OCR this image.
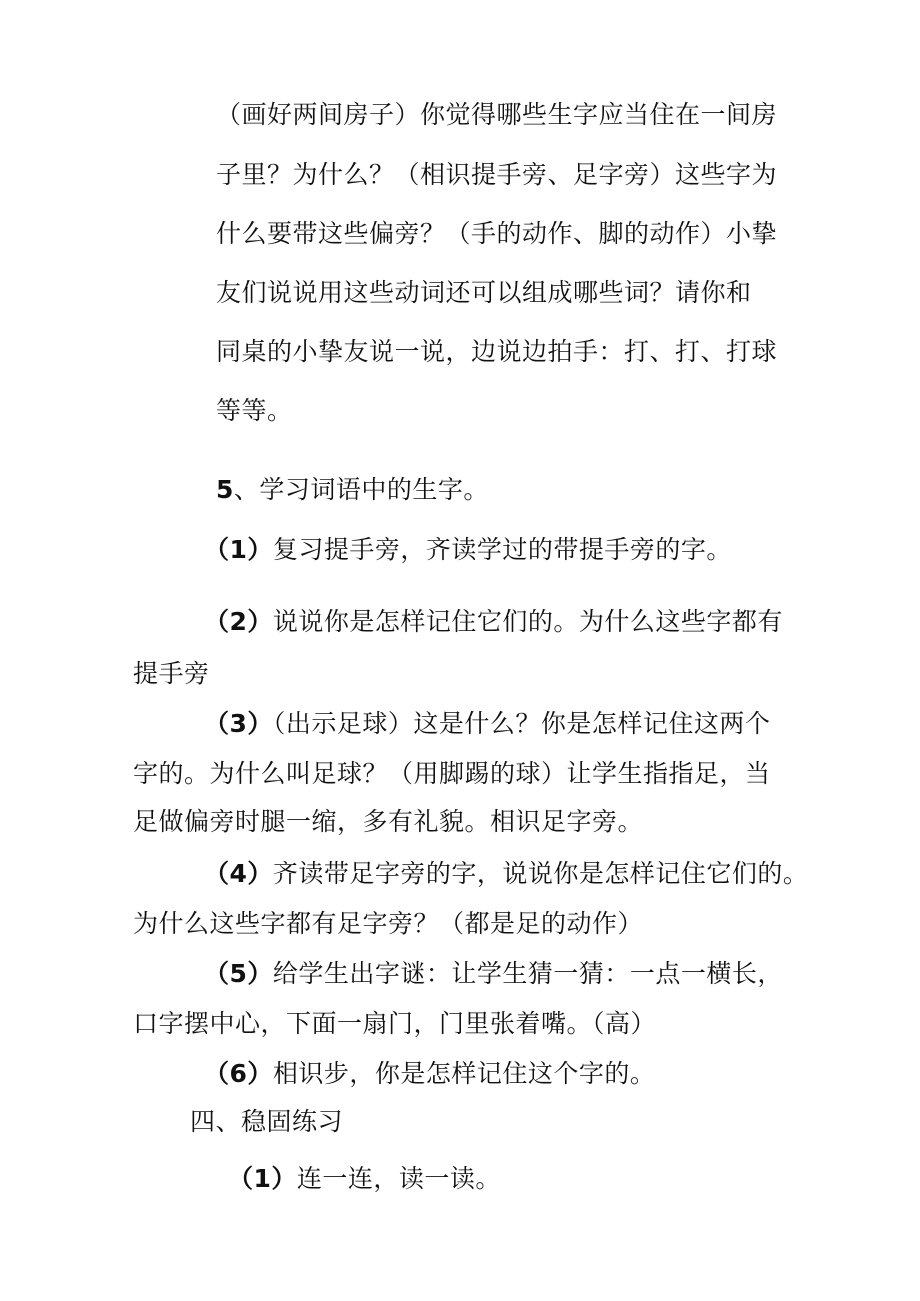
（画好两间房子）你觉得哪些生字应当住在一间房
子里？为什么？（相识提手旁、足字旁）这些字为
什么要带这些偏旁？（手的动作、脚的动作）小挚
友们说说用这些动词还可以组成哪些词？请你和
同桌的小挚友说一说，边说边拍手：打、打、打球
等等。
5、学习词语中的生字。
（1）复习提手旁，齐读学过的带提手旁的字。
（2）说说你是怎样记住它们的。为什么这些字都有
提手旁
（3）（出示足球）这是什么？你是怎样记住这两个
字的。为什么叫足球？（用脚踢的球）让学生指指足，当
足做偏旁时腿一缩，多有礼貌。相识足字旁。
（4）齐读带足字旁的字，说说你是怎样记住它们的。
为什么这些字都有足字旁？（都是足的动作）
（5）给学生出字谜：让学生猜一猜：一点一横长，
口字摆中心，下面一扇门，门里张着嘴。（高）
（6）相识步，你是怎样记住这个字的。
四、稳固练习
（1）连一连，读一读。
